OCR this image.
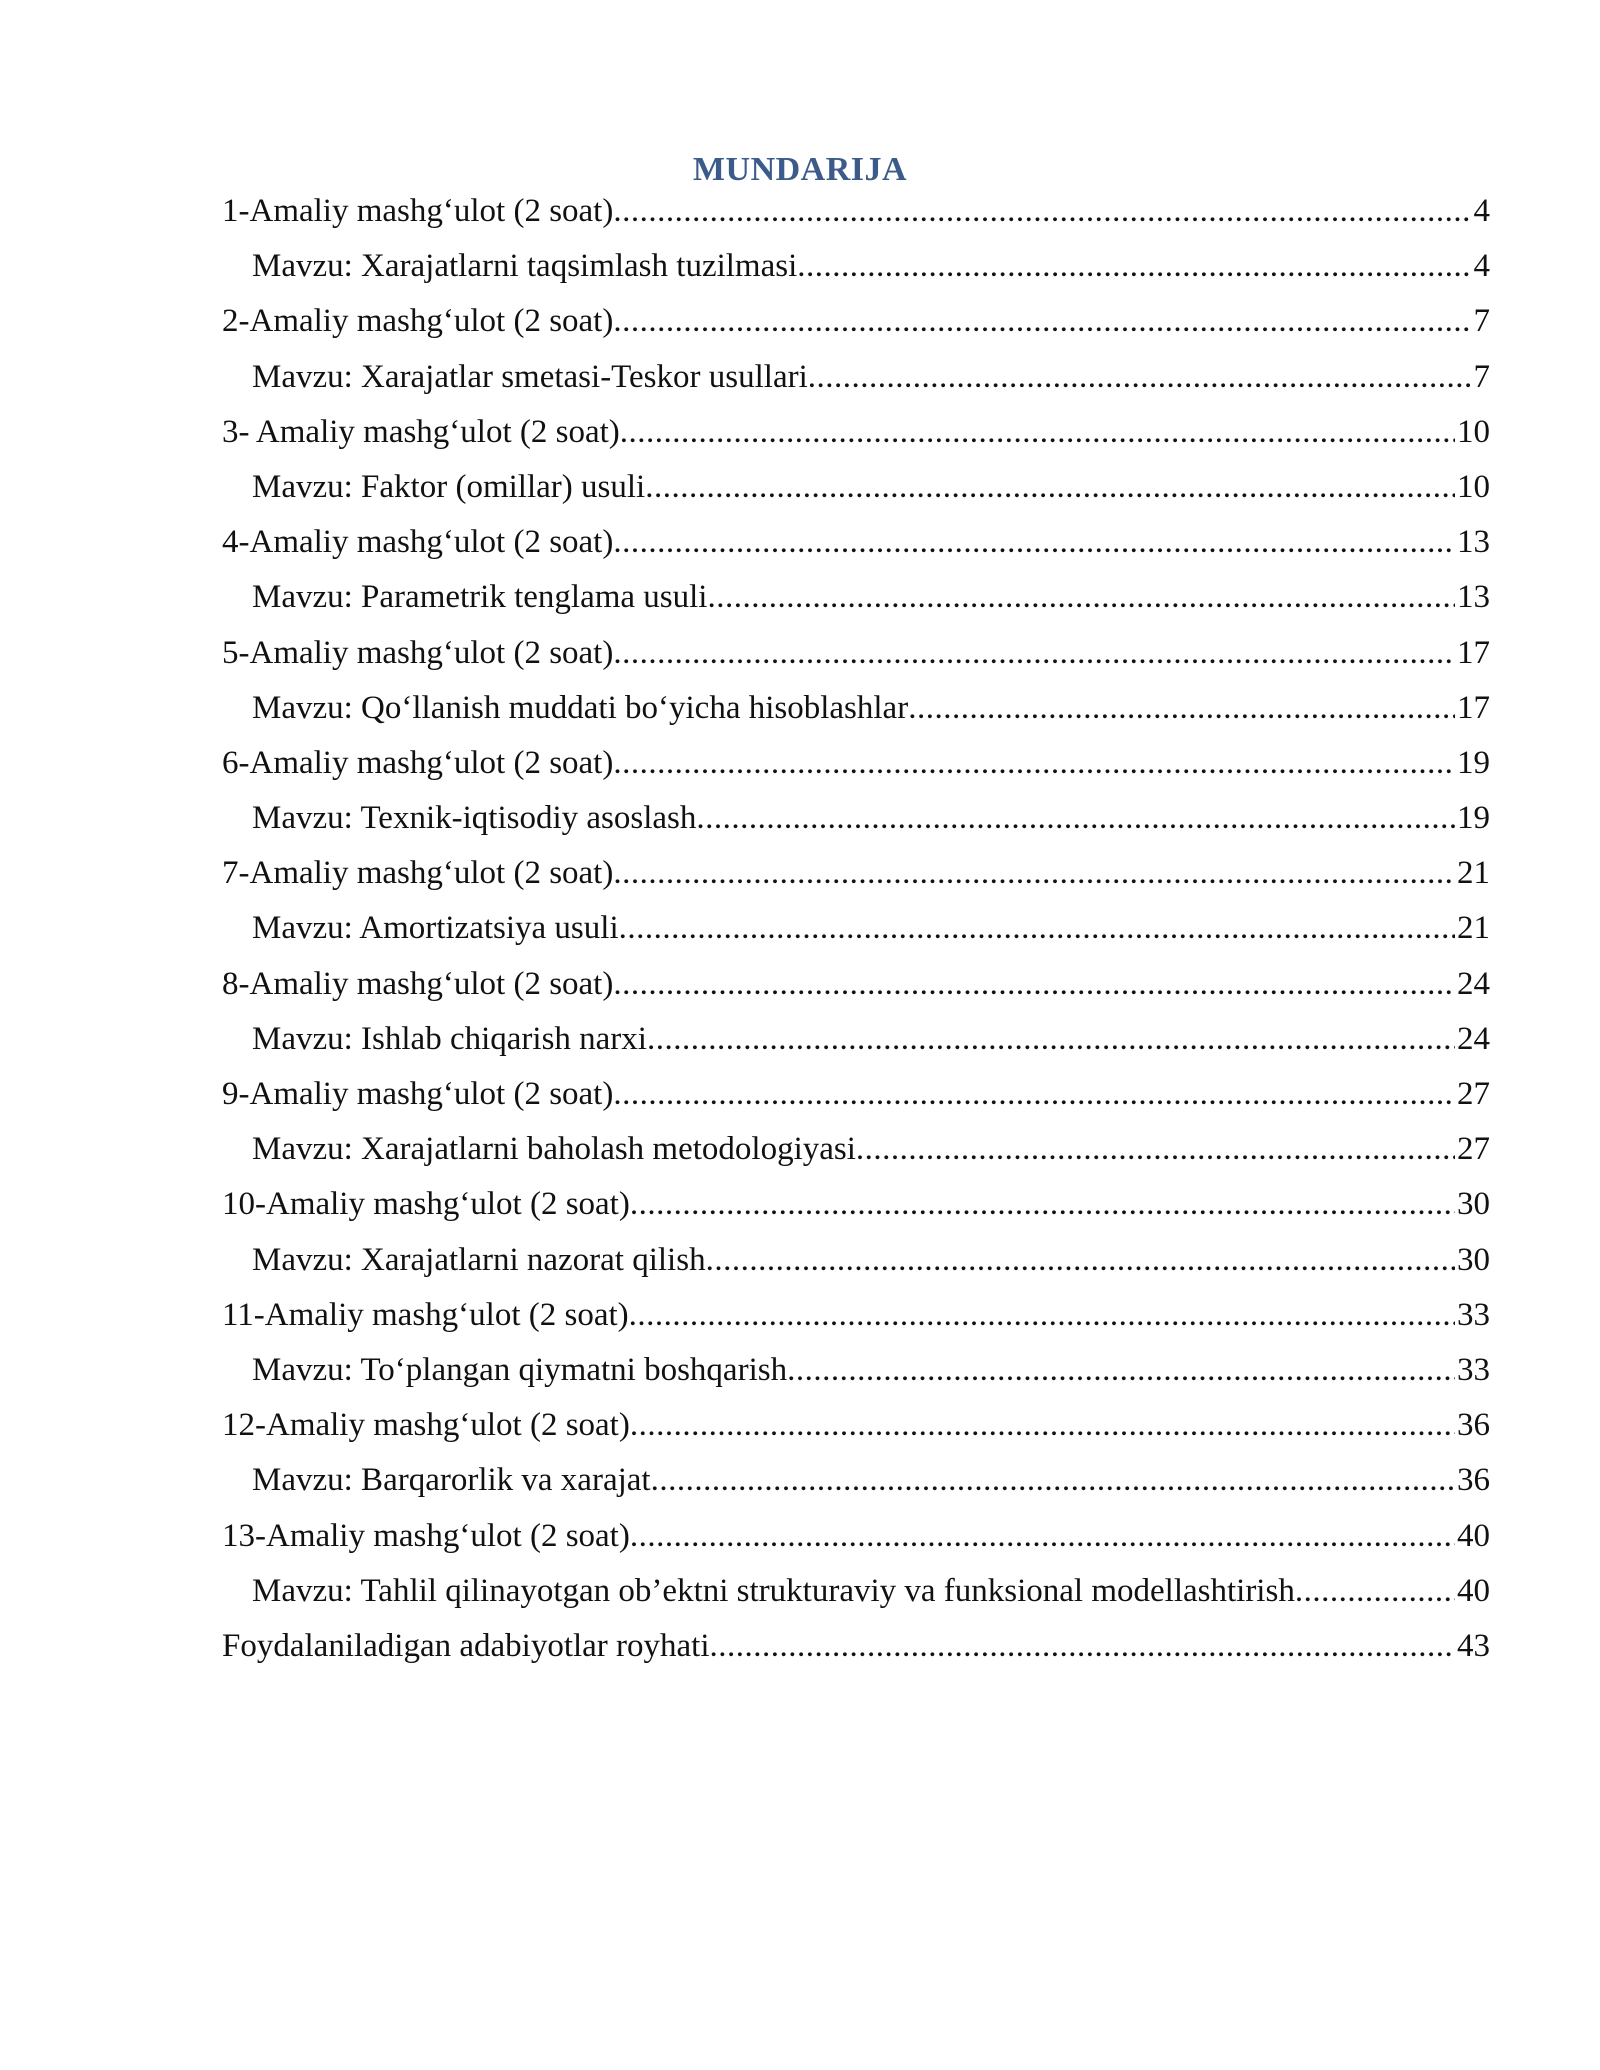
MUNDARIJA
1-Amaliy mashg‘ulot (2 soat) .....	4
Mavzu: Xarajatlarni taqsimlash tuzilmasi .....	4
2-Amaliy mashg‘ulot (2 soat) .....	7
Mavzu: Xarajatlar smetasi-Teskor usullari .....	7
3- Amaliy mashg‘ulot (2 soat) .....	10
Mavzu: Faktor (omillar) usuli .....	10
4-Amaliy mashg‘ulot (2 soat) .....	13
Mavzu: Parametrik tenglama usuli .....	13
5-Amaliy mashg‘ulot (2 soat) .....	17
Mavzu: Qo‘llanish muddati bo‘yicha hisoblashlar .....	17
6-Amaliy mashg‘ulot (2 soat) .....	19
Mavzu: Texnik-iqtisodiy asoslash .....	19
7-Amaliy mashg‘ulot (2 soat) .....	21
Mavzu: Amortizatsiya usuli .....	21
8-Amaliy mashg‘ulot (2 soat) .....	24
Mavzu: Ishlab chiqarish narxi .....	24
9-Amaliy mashg‘ulot (2 soat) .....	27
Mavzu: Xarajatlarni baholash metodologiyasi .....	27
10-Amaliy mashg‘ulot (2 soat) .....	30
Mavzu: Xarajatlarni nazorat qilish .....	30
11-Amaliy mashg‘ulot (2 soat) .....	33
Mavzu: To‘plangan qiymatni boshqarish .....	33
12-Amaliy mashg‘ulot (2 soat) .....	36
Mavzu: Barqarorlik va xarajat .....	36
13-Amaliy mashg‘ulot (2 soat) .....	40
Mavzu: Tahlil qilinayotgan ob’ektni strukturaviy va funksional modellashtirish .....	40
Foydalaniladigan adabiyotlar royhati .....	43
